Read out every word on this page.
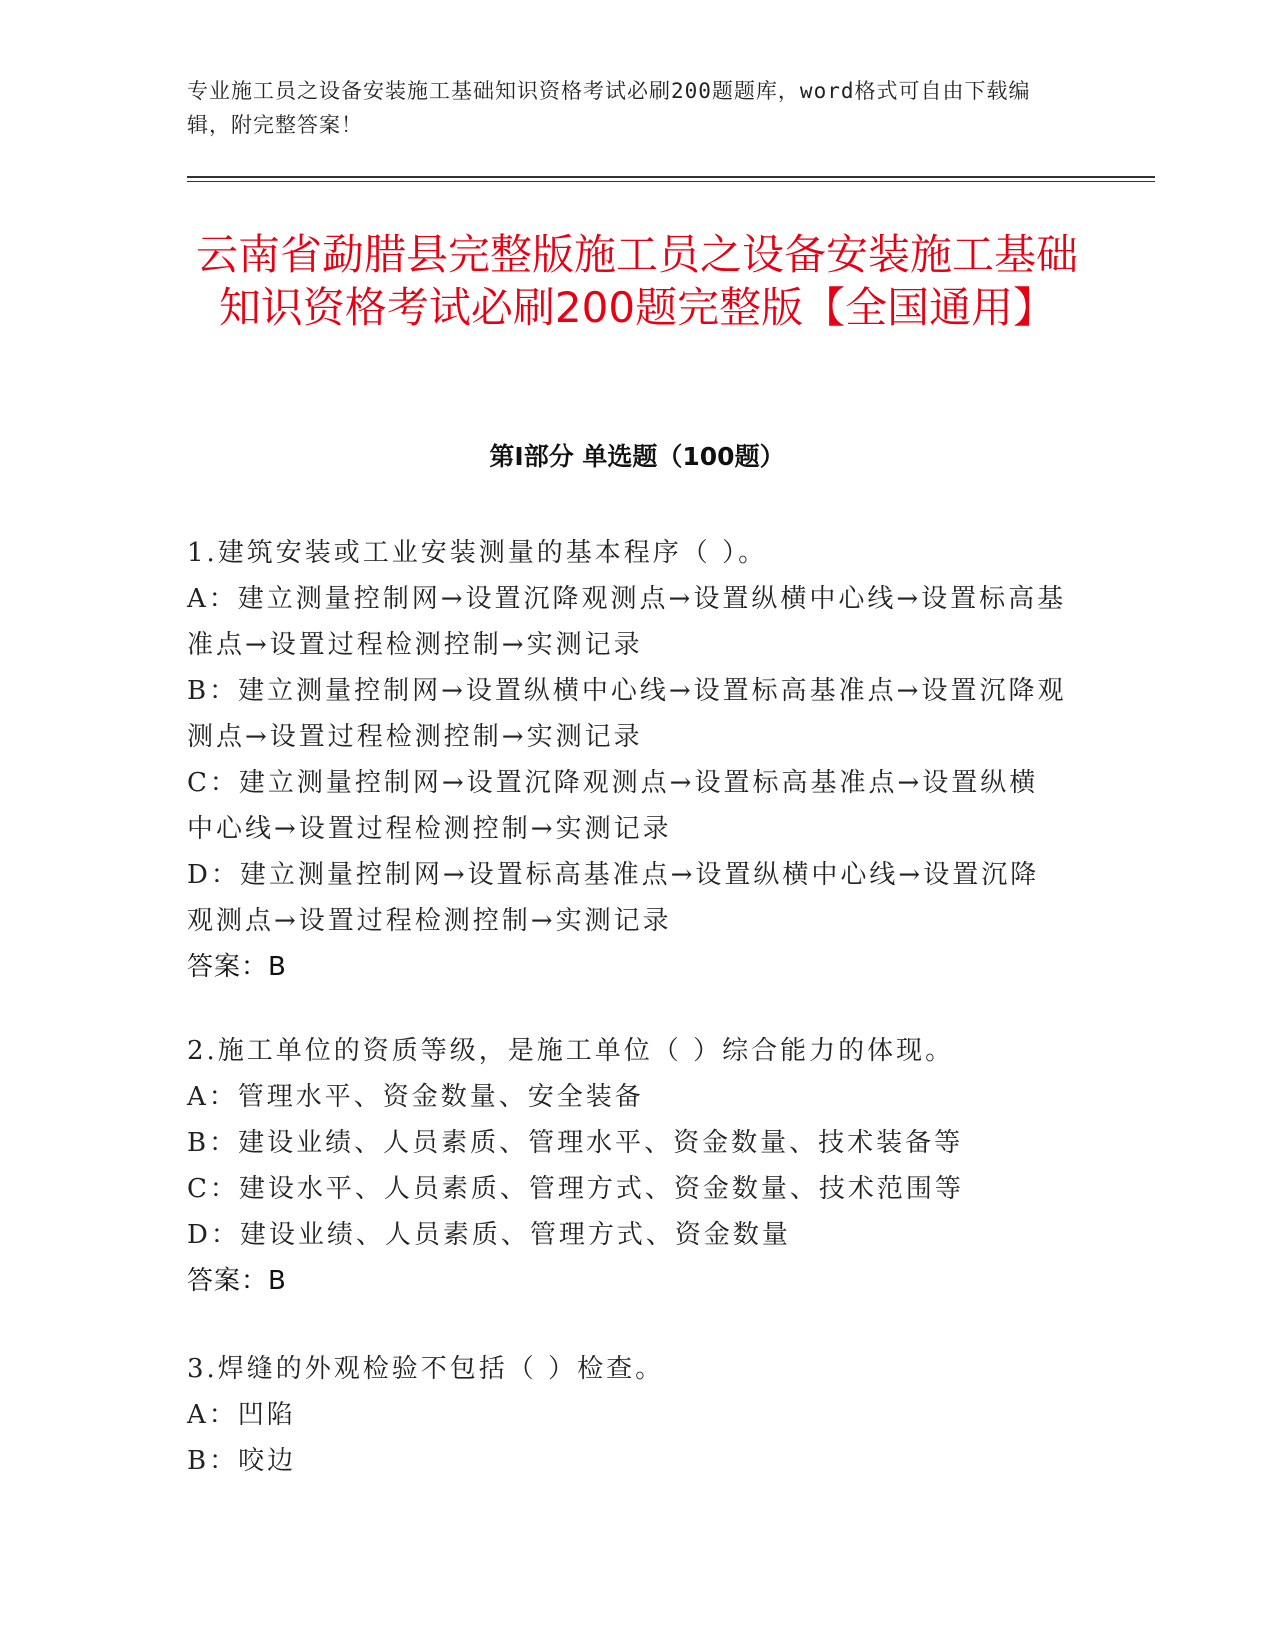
专业施工员之设备安装施工基础知识资格考试必刷200题题库，word格式可自由下载编辑，附完整答案！
云南省勐腊县完整版施工员之设备安装施工基础知识资格考试必刷200题完整版【全国通用】
第I部分 单选题（100题）

1.建筑安装或工业安装测量的基本程序（ ）。

A：建立测量控制网→设置沉降观测点→设置纵横中心线→设置标高基准点→设置过程检测控制→实测记录

B：建立测量控制网→设置纵横中心线→设置标高基准点→设置沉降观测点→设置过程检测控制→实测记录

C：建立测量控制网→设置沉降观测点→设置标高基准点→设置纵横中心线→设置过程检测控制→实测记录

D：建立测量控制网→设置标高基准点→设置纵横中心线→设置沉降观测点→设置过程检测控制→实测记录

答案：B

2.施工单位的资质等级，是施工单位（ ）综合能力的体现。

A：管理水平、资金数量、安全装备

B：建设业绩、人员素质、管理水平、资金数量、技术装备等

C：建设水平、人员素质、管理方式、资金数量、技术范围等

D：建设业绩、人员素质、管理方式、资金数量

答案：B

3.焊缝的外观检验不包括（ ）检查。

A：凹陷

B：咬边
